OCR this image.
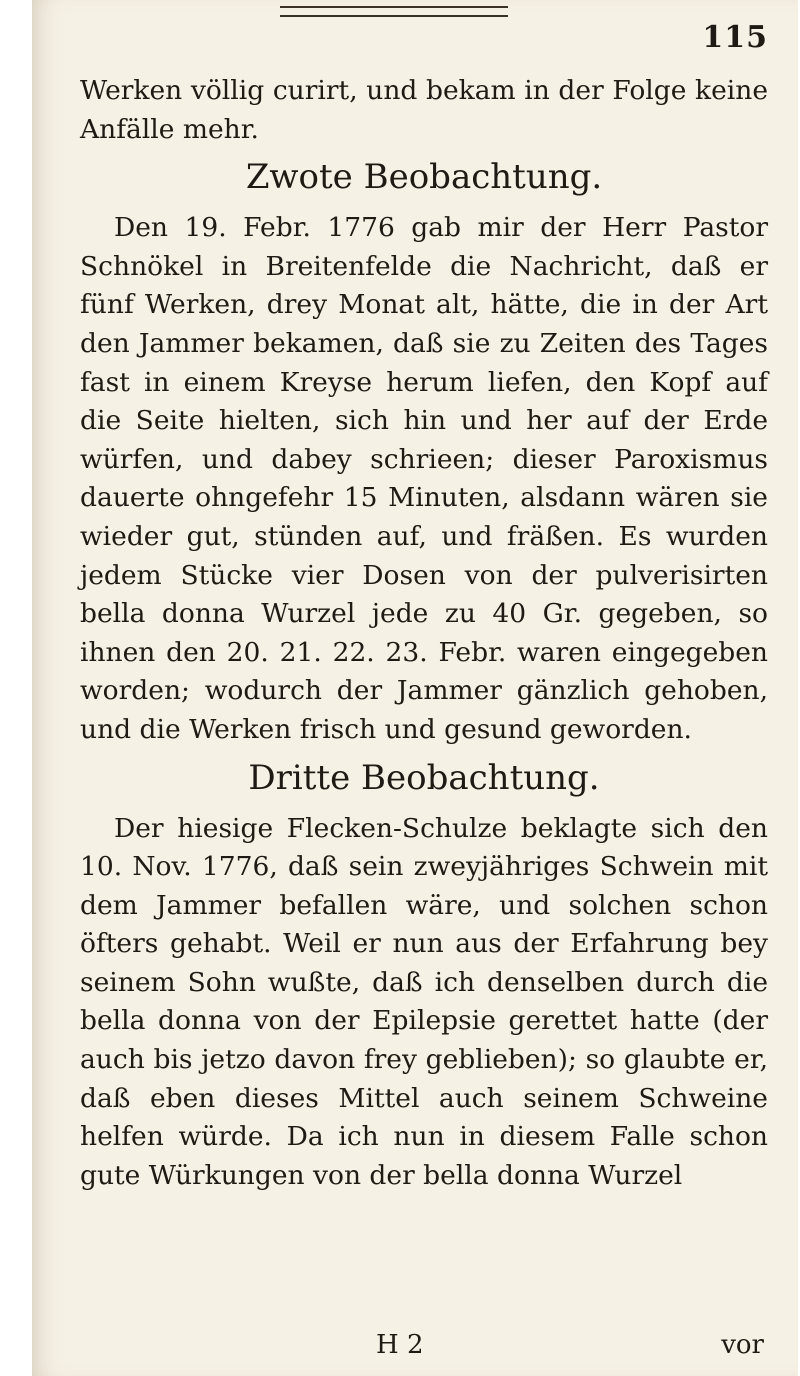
115

Werken völlig curirt, und bekam in der Folge keine Anfälle mehr.

Zwote Beobachtung.

Den 19. Febr. 1776 gab mir der Herr Pastor Schnökel in Breitenfelde die Nachricht, daß er fünf Werken, drey Monat alt, hätte, die in der Art den Jammer bekamen, daß sie zu Zeiten des Tages fast in einem Kreyse herum liefen, den Kopf auf die Seite hielten, sich hin und her auf der Erde würfen, und dabey schrieen; dieser Paroxismus dauerte ohngefehr 15 Minuten, alsdann wären sie wieder gut, stünden auf, und fräßen. Es wurden jedem Stücke vier Dosen von der pulverisirten bella donna Wurzel jede zu 40 Gr. gegeben, so ihnen den 20. 21. 22. 23. Febr. waren eingegeben worden; wodurch der Jammer gänzlich gehoben, und die Werken frisch und gesund geworden.

Dritte Beobachtung.

Der hiesige Flecken-Schulze beklagte sich den 10. Nov. 1776, daß sein zweyjähriges Schwein mit dem Jammer befallen wäre, und solchen schon öfters gehabt. Weil er nun aus der Erfahrung bey seinem Sohn wußte, daß ich denselben durch die bella donna von der Epilepsie gerettet hatte (der auch bis jetzo davon frey geblieben); so glaubte er, daß eben dieses Mittel auch seinem Schweine helfen würde. Da ich nun in diesem Falle schon gute Würkungen von der bella donna Wurzel

H 2	vor
